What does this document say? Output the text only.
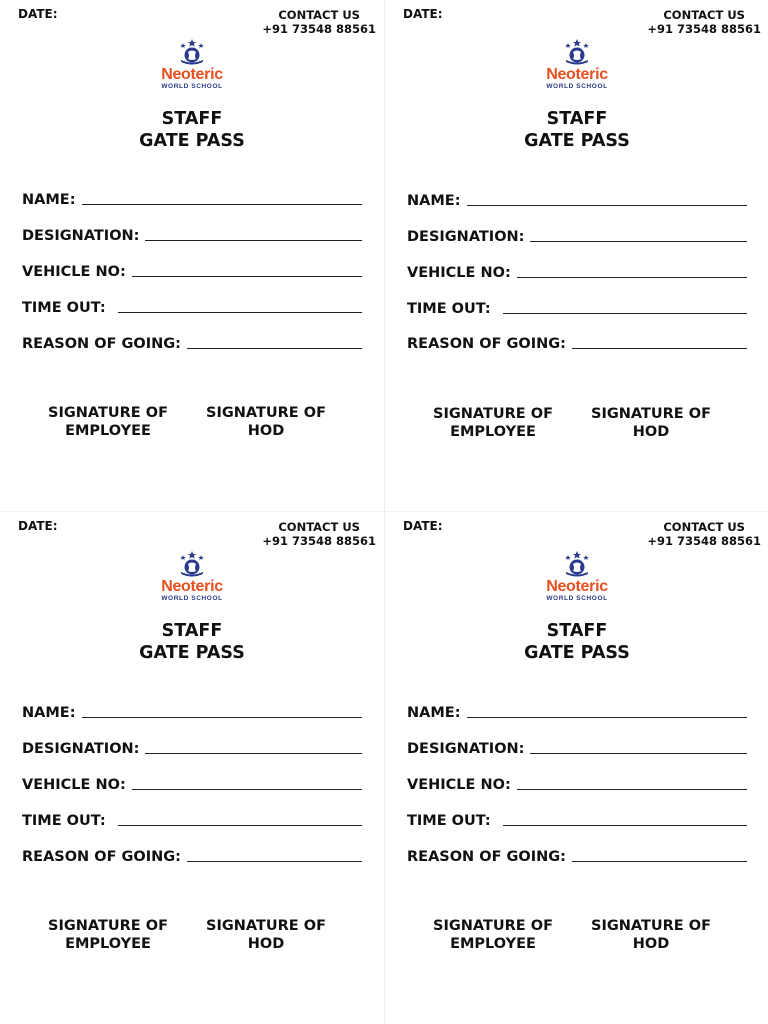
DATE:	CONTACT US
+91 73548 88561
Neoteric
WORLD SCHOOL
STAFF
GATE PASS
NAME:
DESIGNATION:
VEHICLE NO:
TIME OUT:
REASON OF GOING:
SIGNATURE OF
EMPLOYEE
SIGNATURE OF
HOD
DATE:	CONTACT US
+91 73548 88561
Neoteric
WORLD SCHOOL
STAFF
GATE PASS
NAME:
DESIGNATION:
VEHICLE NO:
TIME OUT:
REASON OF GOING:
SIGNATURE OF
EMPLOYEE
SIGNATURE OF
HOD
DATE:	CONTACT US
+91 73548 88561
Neoteric
WORLD SCHOOL
STAFF
GATE PASS
NAME:
DESIGNATION:
VEHICLE NO:
TIME OUT:
REASON OF GOING:
SIGNATURE OF
EMPLOYEE
SIGNATURE OF
HOD
DATE:	CONTACT US
+91 73548 88561
Neoteric
WORLD SCHOOL
STAFF
GATE PASS
NAME:
DESIGNATION:
VEHICLE NO:
TIME OUT:
REASON OF GOING:
SIGNATURE OF
EMPLOYEE
SIGNATURE OF
HOD
